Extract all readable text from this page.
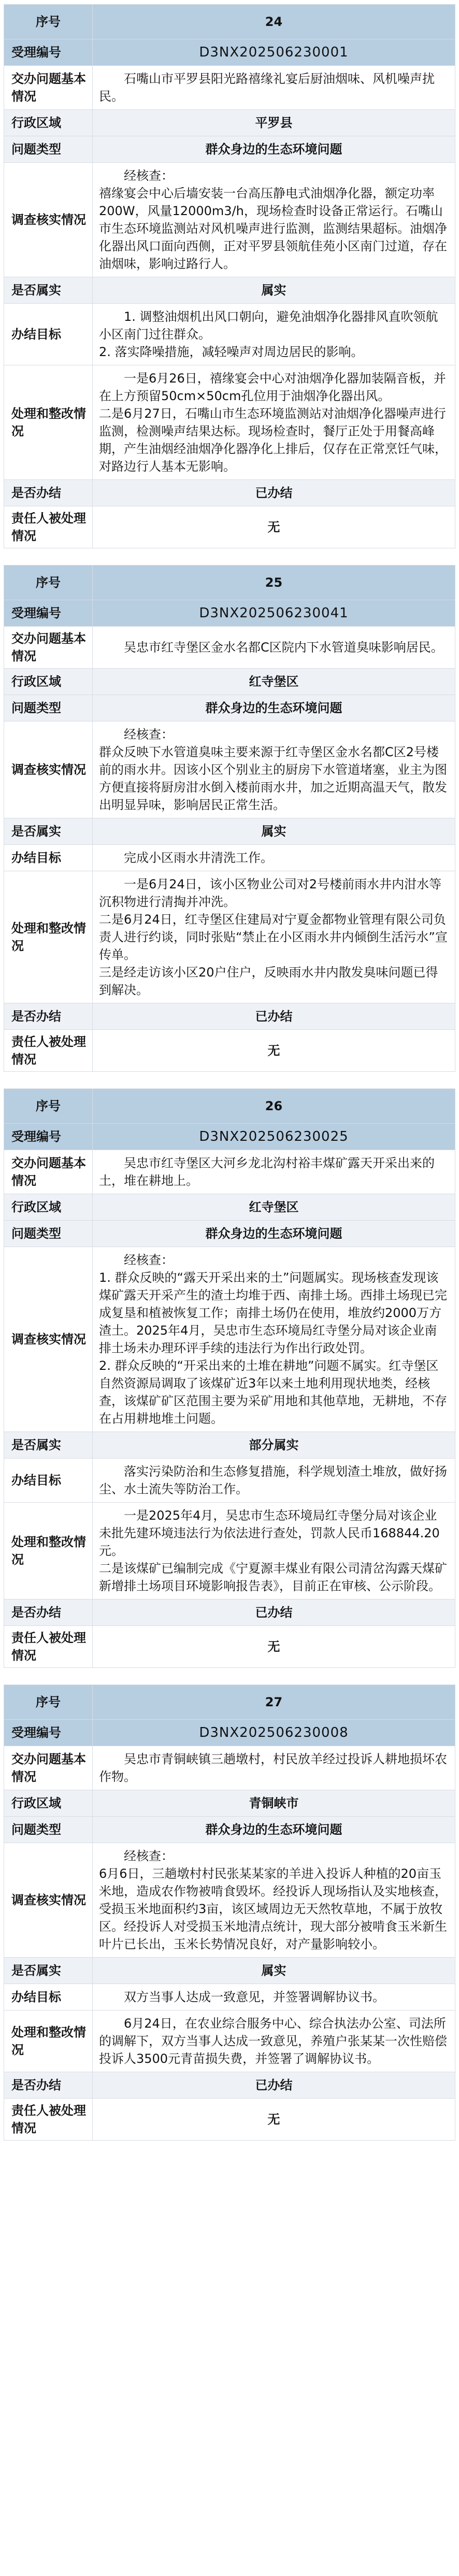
序号	24
受理编号	D3NX202506230001
交办问题基本情况	石嘴山市平罗县阳光路禧缘礼宴后厨油烟味、风机噪声扰民。

行政区域	平罗县
问题类型	群众身边的生态环境问题
调查核实情况	经核查：
禧缘宴会中心后墙安装一台高压静电式油烟净化器，额定功率200W，风量12000m3/h，现场检查时设备正常运行。石嘴山市生态环境监测站对风机噪声进行监测，监测结果超标。油烟净化器出风口面向西侧，正对平罗县领航佳苑小区南门过道，存在油烟味，影响过路行人。

是否属实	属实
办结目标	1. 调整油烟机出风口朝向，避免油烟净化器排风直吹领航小区南门过往群众。
2. 落实降噪措施，减轻噪声对周边居民的影响。

处理和整改情况	一是6月26日，禧缘宴会中心对油烟净化器加装隔音板，并在上方预留50cm×50cm孔位用于油烟净化器出风。
二是6月27日，石嘴山市生态环境监测站对油烟净化器噪声进行监测，检测噪声结果达标。现场检查时，餐厅正处于用餐高峰期，产生油烟经油烟净化器净化上排后，仅存在正常烹饪气味，对路边行人基本无影响。

是否办结	已办结
责任人被处理情况	无
序号	25
受理编号	D3NX202506230041
交办问题基本情况	吴忠市红寺堡区金水名都C区院内下水管道臭味影响居民。

行政区域	红寺堡区
问题类型	群众身边的生态环境问题
调查核实情况	经核查：
群众反映下水管道臭味主要来源于红寺堡区金水名都C区2号楼前的雨水井。因该小区个别业主的厨房下水管道堵塞，业主为图方便直接将厨房泔水倒入楼前雨水井，加之近期高温天气，散发出明显异味，影响居民正常生活。

是否属实	属实
办结目标	完成小区雨水井清洗工作。

处理和整改情况	一是6月24日，该小区物业公司对2号楼前雨水井内泔水等沉积物进行清掏并冲洗。
二是6月24日，红寺堡区住建局对宁夏金都物业管理有限公司负责人进行约谈，同时张贴“禁止在小区雨水井内倾倒生活污水”宣传单。
三是经走访该小区20户住户，反映雨水井内散发臭味问题已得到解决。

是否办结	已办结
责任人被处理情况	无
序号	26
受理编号	D3NX202506230025
交办问题基本情况	吴忠市红寺堡区大河乡龙北沟村裕丰煤矿露天开采出来的土，堆在耕地上。

行政区域	红寺堡区
问题类型	群众身边的生态环境问题
调查核实情况	经核查：
1. 群众反映的“露天开采出来的土”问题属实。现场核查发现该煤矿露天开采产生的渣土均堆于西、南排土场。西排土场现已完成复垦和植被恢复工作；南排土场仍在使用，堆放约2000万方渣土。2025年4月，吴忠市生态环境局红寺堡分局对该企业南排土场未办理环评手续的违法行为作出行政处罚。
2. 群众反映的“开采出来的土堆在耕地”问题不属实。红寺堡区自然资源局调取了该煤矿近3年以来土地利用现状地类，经核查，该煤矿矿区范围主要为采矿用地和其他草地，无耕地，不存在占用耕地堆土问题。

是否属实	部分属实
办结目标	落实污染防治和生态修复措施，科学规划渣土堆放，做好扬尘、水土流失等防治工作。

处理和整改情况	一是2025年4月，吴忠市生态环境局红寺堡分局对该企业未批先建环境违法行为依法进行查处，罚款人民币168844.20元。
二是该煤矿已编制完成《宁夏源丰煤业有限公司清岔沟露天煤矿新增排土场项目环境影响报告表》，目前正在审核、公示阶段。

是否办结	已办结
责任人被处理情况	无
序号	27
受理编号	D3NX202506230008
交办问题基本情况	吴忠市青铜峡镇三趟墩村，村民放羊经过投诉人耕地损坏农作物。

行政区域	青铜峡市
问题类型	群众身边的生态环境问题
调查核实情况	经核查：
6月6日，三趟墩村村民张某某家的羊进入投诉人种植的20亩玉米地，造成农作物被啃食毁坏。经投诉人现场指认及实地核查，受损玉米地面积约3亩，该区域周边无天然牧草地，不属于放牧区。经投诉人对受损玉米地清点统计，现大部分被啃食玉米新生叶片已长出，玉米长势情况良好，对产量影响较小。

是否属实	属实
办结目标	双方当事人达成一致意见，并签署调解协议书。

处理和整改情况	6月24日，在农业综合服务中心、综合执法办公室、司法所的调解下，双方当事人达成一致意见，养殖户张某某一次性赔偿投诉人3500元青苗损失费，并签署了调解协议书。

是否办结	已办结
责任人被处理情况	无
